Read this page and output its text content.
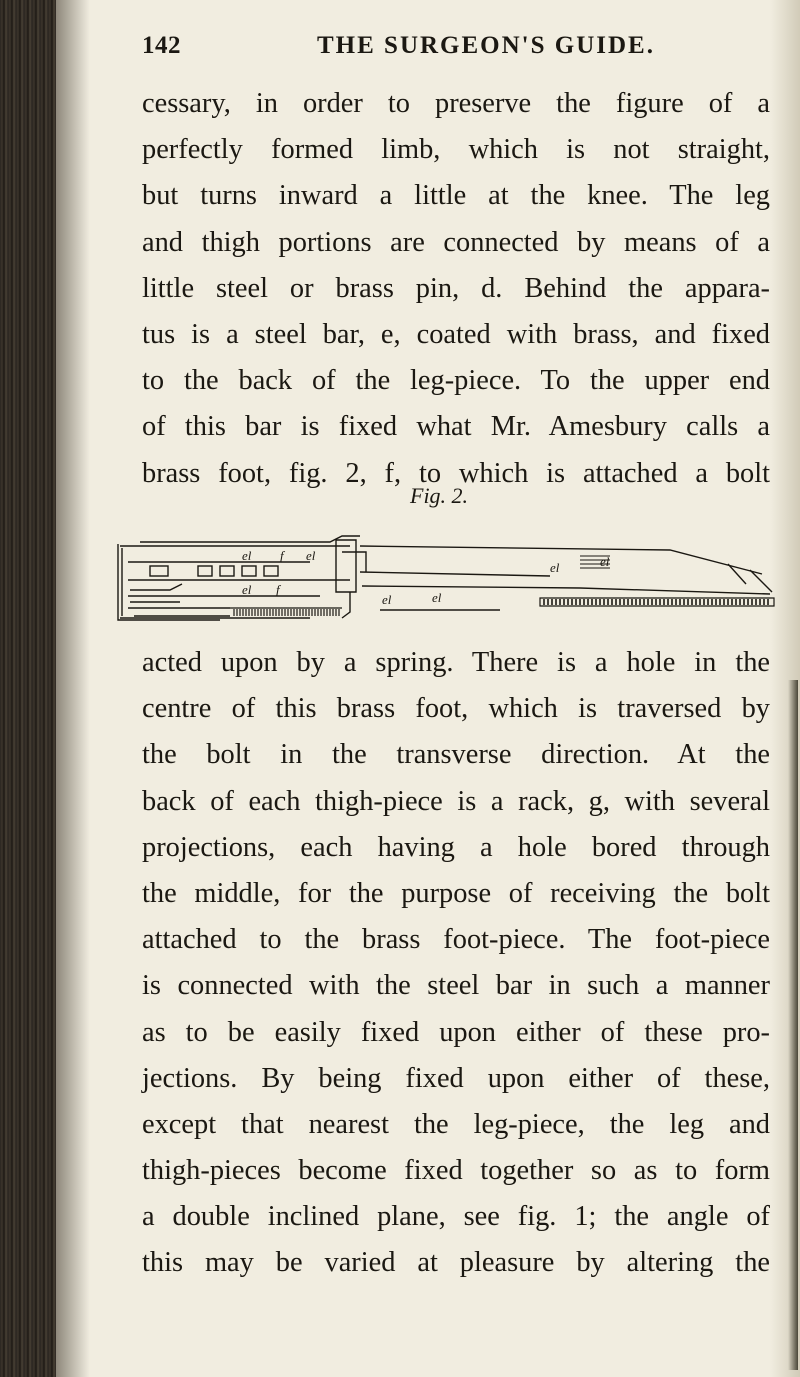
142	THE SURGEON'S GUIDE.
cessary, in order to preserve the figure of a
perfectly formed limb, which is not straight,
but turns inward a little at the knee. The leg
and thigh portions are connected by means of a
little steel or brass pin, d. Behind the appara-
tus is a steel bar, e, coated with brass, and fixed
to the back of the leg-piece. To the upper end
of this bar is fixed what Mr. Amesbury calls a
brass foot, fig. 2, f, to which is attached a bolt
Fig. 2.
el f el
el f
el	el
el	el
acted upon by a spring. There is a hole in the
centre of this brass foot, which is traversed by
the bolt in the transverse direction. At the
back of each thigh-piece is a rack, g, with several
projections, each having a hole bored through
the middle, for the purpose of receiving the bolt
attached to the brass foot-piece. The foot-piece
is connected with the steel bar in such a manner
as to be easily fixed upon either of these pro-
jections. By being fixed upon either of these,
except that nearest the leg-piece, the leg and
thigh-pieces become fixed together so as to form
a double inclined plane, see fig. 1; the angle of
this may be varied at pleasure by altering the
